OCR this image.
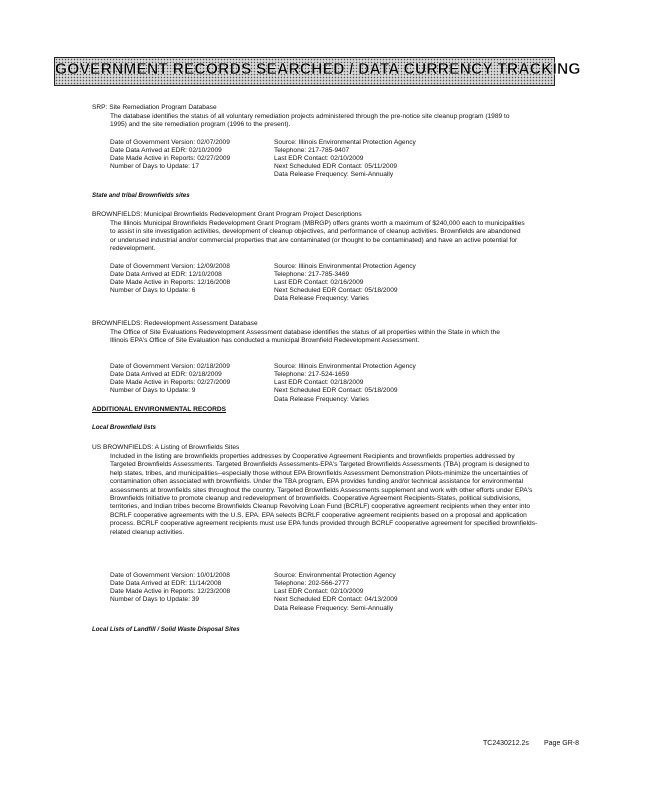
GOVERNMENT RECORDS SEARCHED / DATA CURRENCY TRACKING
SRP: Site Remediation Program Database
The database identifies the status of all voluntary remediation projects administered through the pre-notice site cleanup program (1989 to 1995) and the site remediation program (1996 to the present).
Date of Government Version: 02/07/2009
Date Data Arrived at EDR: 02/10/2009
Date Made Active in Reports: 02/27/2009
Number of Days to Update: 17
Source: Illinois Environmental Protection Agency
Telephone: 217-785-9407
Last EDR Contact: 02/10/2009
Next Scheduled EDR Contact: 05/11/2009
Data Release Frequency: Semi-Annually
State and tribal Brownfields sites
BROWNFIELDS: Municipal Brownfields Redevelopment Grant Program Project Descriptions
The Illinois Municipal Brownfields Redevelopment Grant Program (MBRGP) offers grants worth a maximum of $240,000 each to municipalities to assist in site investigation activities, development of cleanup objectives, and performance of cleanup activities. Brownfields are abandoned or underused industrial and/or commercial properties that are contaminated (or thought to be contaminated) and have an active potential for redevelopment.
Date of Government Version: 12/09/2008
Date Data Arrived at EDR: 12/10/2008
Date Made Active in Reports: 12/16/2008
Number of Days to Update: 6
Source: Illinois Environmental Protection Agency
Telephone: 217-785-3469
Last EDR Contact: 02/16/2009
Next Scheduled EDR Contact: 05/18/2009
Data Release Frequency: Varies
BROWNFIELDS: Redevelopment Assessment Database
The Office of Site Evaluations Redevelopment Assessment database identifies the status of all properties within the State in which the Illinois EPA's Office of Site Evaluation has conducted a municipal Brownfield Redevelopment Assessment.
Date of Government Version: 02/18/2009
Date Data Arrived at EDR: 02/18/2009
Date Made Active in Reports: 02/27/2009
Number of Days to Update: 9
Source: Illinois Environmental Protection Agency
Telephone: 217-524-1659
Last EDR Contact: 02/18/2009
Next Scheduled EDR Contact: 05/18/2009
Data Release Frequency: Varies
ADDITIONAL ENVIRONMENTAL RECORDS
Local Brownfield lists
US BROWNFIELDS: A Listing of Brownfields Sites
Included in the listing are brownfields properties addresses by Cooperative Agreement Recipients and brownfields properties addressed by Targeted Brownfields Assessments. Targeted Brownfields Assessments-EPA's Targeted Brownfields Assessments (TBA) program is designed to help states, tribes, and municipalities--especially those without EPA Brownfields Assessment Demonstration Pilots-minimize the uncertainties of contamination often associated with brownfields. Under the TBA program, EPA provides funding and/or technical assistance for environmental assessments at brownfields sites throughout the country. Targeted Brownfields Assessments supplement and work with other efforts under EPA's Brownfields Initiative to promote cleanup and redevelopment of brownfields. Cooperative Agreement Recipients-States, political subdivisions, territories, and Indian tribes become Brownfields Cleanup Revolving Loan Fund (BCRLF) cooperative agreement recipients when they enter into BCRLF cooperative agreements with the U.S. EPA. EPA selects BCRLF cooperative agreement recipients based on a proposal and application process. BCRLF cooperative agreement recipients must use EPA funds provided through BCRLF cooperative agreement for specified brownfields-related cleanup activities.
Date of Government Version: 10/01/2008
Date Data Arrived at EDR: 11/14/2008
Date Made Active in Reports: 12/23/2008
Number of Days to Update: 39
Source: Environmental Protection Agency
Telephone: 202-566-2777
Last EDR Contact: 02/10/2009
Next Scheduled EDR Contact: 04/13/2009
Data Release Frequency: Semi-Annually
Local Lists of Landfill / Solid Waste Disposal Sites
TC2430212.2s Page GR-8
